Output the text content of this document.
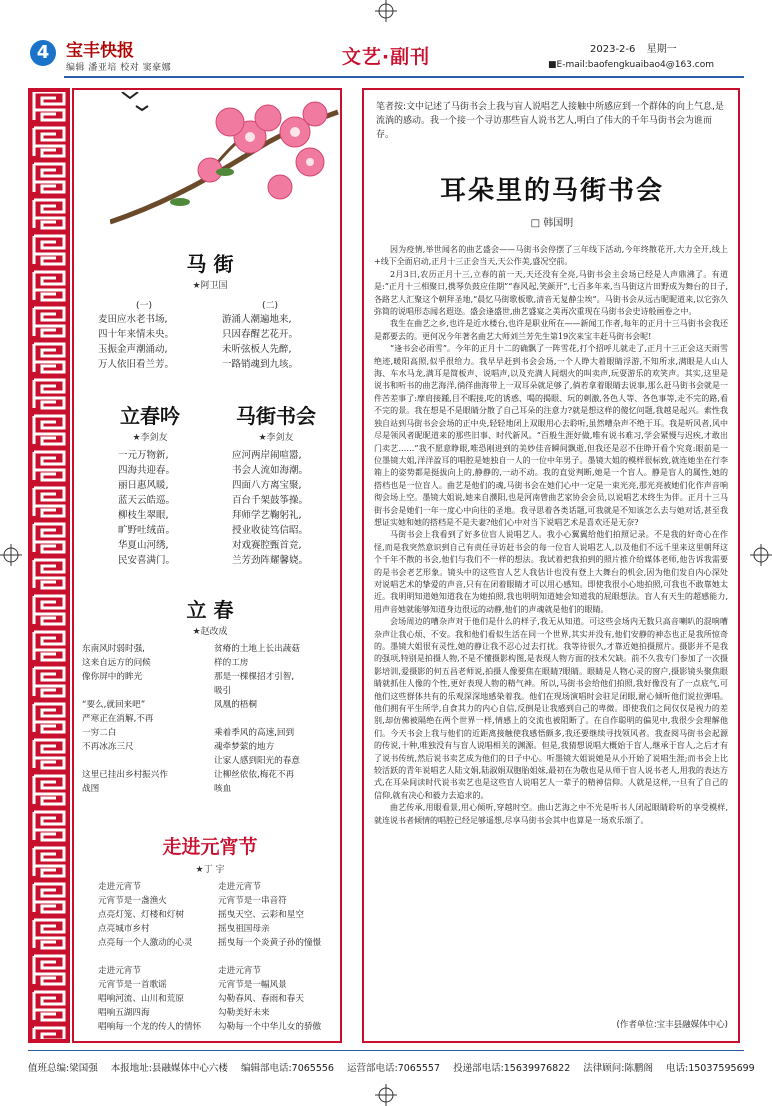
4 宝丰快报
编辑 潘亚培 校对 窦豪娜	文艺·副刊	2023-2-6 星期一
■E-mail:baofengkuaibao4@163.com
马 街
★阿卫国
(一)	(二)
麦田应水老书场,
四十年来情未央。
玉振金声潮涌动,
万人依旧看兰芳。
游涌人潮遍地来,
只因春醒艺花开。
未听弦板人先醉,
一路销魂到九垓。
立春吟
★李剑友
马街书会
★李剑友
一元万物新,
四海共迎春。
丽日惠风暖,
蓝天云皓巡。
柳枝生翠眼,
旷野吐绒苗。
华夏山河绣,
民安喜满门。
应河两岸闹喧嚣,
书会人流如海潮。
四面八方离宝聚,
百台千架鼓筝操。
拜师学艺鞠躬礼,
授业收徒笃信昭。
对戏赛腔甄首竞,
兰芳劲阵耀馨娆。
立 春
★赵改成
东南风时弱时强,
这来自远方的问候
像你屏中的眸光

“要么,就回来吧”
严寒正在消解,不再
一穷二白
不再冰冻三尺

这里已挂出乡村振兴作
战图
贫瘠的土地上长出蔬菇
样的工房
那是一棵棵招才引智,
吸引
凤凰的梧桐

乘着季风的高速,回到
魂牵梦萦的地方
让家人感到阳光的春意
让柳丝依依,梅花不再
咳血
走进元宵节
★丁 宇
走进元宵节
元宵节是一盏渔火
点亮灯笼、灯楼和灯树
点亮城市乡村
点亮每一个人激动的心灵

走进元宵节
元宵节是一首歌谣
唱响河流、山川和荒原
唱响五湖四海
唱响每一个龙的传人的情怀
走进元宵节
元宵节是一串音符
摇曳天空、云彩和星空
摇曳祖国母亲
摇曳每一个炎黄子孙的憧憬

走进元宵节
元宵节是一幅风景
勾勒春风、春雨和春天
勾勒美好未来
勾勒每一个中华儿女的骄傲
笔者按:文中记述了马街书会上我与盲人说唱艺人接触中所感应到一个群体的向上气息,是流淌的感动。我一个接一个寻访那些盲人说书艺人,明白了伟大的千年马街书会为谁而存。
耳朵里的马街书会
□ 韩国明

因为疫情,举世闻名的曲艺盛会——马街书会停摆了三年线下活动,今年终散花开,大力全开,线上+线下全面启动,正月十三正会当天,天公作美,盛况空前。

2月3日,农历正月十三,立春的前一天,天还没有全亮,马街书会主会场已经是人声鼎沸了。有道是:“正月十三相聚日,携琴负鼓应佳期”“春风起,笑颜开”,七百多年来,当马街这片田野成为舞台的日子,各路艺人汇聚这个朝拜圣地,“晨忆马街歌板歌,清音无复静尘埃”。马街书会从远古昵昵道来,以它弥久弥简的说唱形态闻名遐迩。盛会逢盛世,曲艺盛宴之美再次重现在马街书会史诗般画卷之中。

我生在曲艺之乡,也许是近水楼台,也许是职业所在——新闻工作者,每年的正月十三马街书会我还是都要去的。更何况今年著名曲艺大师刘兰芳先生第19次来宝丰赶马街书会呢!

“逢书会必雨雪”。今年的正月十二的确飘了一阵雪花,打个招呼儿就走了,正月十三正会这天雨雪绝迹,暖阳高照,似乎很给力。我早早赶到书会会场,一个人睁大着眼睛浮游,不知所求,满眼是人山人海、车水马龙,满耳是简板声、说唱声,以及充满人间烟火的叫卖声,玩耍游乐的欢笑声。其实,这里是说书和听书的曲艺海洋,徜徉曲海带上一双耳朵就足够了,倘若拿着眼睛去说事,那么赶马街书会就是一件苦差事了:摩肩接踵,目不暇接,吃的诱惑、喝的揭眼、玩的刺激,各色人等、各色事等,走不完的路,看不完的景。我在想是不是眼睛分散了自己耳朵的注意力?就是想这样的傻忆问题,我越是起兴。索性我独自站到马街书会会场的正中央,轻轻地闭上双眼用心去聆听,虽然嘈杂声不绝于耳。我是听风者,风中尽是领风者昵昵道来的那些旧事、时代新风。“百般生涯好做,唯有说书难习,学会紧慢与迟疾,才敢出门卖艺……”我不愿意睁眼,唯恐刚进到的美妙佳音瞬间飘逝,但我还是忍不住睁开看个究竟:眼前是一位墨镜大姐,洋洋盈耳的唱腔是她独自一人的一位中年男子。墨镜大姐的模样很标致,就连她坐在行李箱上的姿势都是挺拔向上的,静静的,一动不动。我的直觉判断,她是一个盲人。静是盲人的属性,她的搭档也是一位盲人。曲艺是他们的魂,马街书会在她们心中一定是一束光亮,那光亮被她们化作声音响彻会场上空。墨镜大姐说,她来自濮阳,也是河南曾曲艺家协会会员,以说唱艺术终生为伴。正月十三马街书会是她们一年一度心中向往的圣地。我寻思着各类话题,可我就是不知该怎么去与她对话,甚至我想证实她和她的搭档是不是夫妻?他们心中对当下说唱艺术是喜欢还是无奈?

马街书会上我看到了好多位盲人说唱艺人。我小心翼翼给他们拍照记录。不是我的好奇心在作怪,而是我突然意识到自己有责任寻访赶书会的每一位盲人说唱艺人,以及他们不远千里来这里朝拜这个千年不散的书会,他们与我们不一样的想法。我试着把我拍到的照片推介给媒体老师,他告诉我需要的是书会老艺形象。镜头中的这些盲人艺人我估计也没有登上大舞台的机会,因为他们发自内心深处对说唱艺术的挚爱的声音,只有在闭着眼睛才可以用心感知。即使我很小心地拍照,可我也不敢靠她太近。我明明知道她知道我在为她拍照,我也明明知道她会知道我的屁眼想法。盲人有天生的超感能力,用声音她就能够知道身边很远的动静,他们的声魂就是他们的眼睛。

会场周边的嘈杂声对于他们是什么的样子,我无从知道。可这些会场内无数只高音喇叭的混响嘈杂声让我心烦、不安。我和他们看似生活在同一个世界,其实并没有,他们安静的神态也正是我所惊奇的。墨镜大姐很有灵性,她的静让我不忍心过去打扰。我等待很久,才靠近她拍摄照片。摄影并不是我的强项,特别是拍摄人物,不是不懂摄影构图,是表现人物方面的技术欠缺。前不久我专门参加了一次摄影培训,爱摄影的何五昌老师说,拍摄人像要焦在眼睛?眼睛。眼睛是人物心灵的窗户,摄影镜头聚焦眼睛就抓住人像的个性,更好表现人物的精气神。所以,马街书会给他们拍照,我好像没有了一点底气,可他们这些群体共有的乐观深深地感染着我。他们在现场演唱时会驻足闭眼,耐心倾听他们说拉弹唱。他们拥有平生所学,自食其力的内心自信,反倒是让我感到自己的卑微。即使我们之间仅仅是视力的差别,却仿佛被隔绝在两个世界一样,情感上的交流也被阻断了。在自作聪明的偏见中,我很少会理解他们。今天书会上我与他们的近距离接触使我感悟颇多,我还要继续寻找领风者。我查阅马街书会起源的传说,十种,唯独没有与盲人说唱相关的渊源。但是,我猜想说唱大概始于盲人,继承于盲人,之后才有了说书传统,然后说书卖艺成为他们的日子中心。听墨镜大姐说她是从小开始了说唱生涯;而书会上比较活跃的青年说唱艺人陆文娟,陆淑娟双胞胎姐妹,最初在为敬也是从师于盲人说书老人,用我的表达方式,在耳朵间读时代说书卖艺也是这些盲人说唱艺人一辈子的精神信仰。人就是这样,一旦有了自己的信仰,就有决心和毅力去追求的。

曲艺传承,用眼看景,用心倾听,穿越时空。曲山艺海之中不光是听书人闭起眼睛聆听的享受模样,就连说书者倾情的唱腔已经足够遥想,尽享马街书会其中也算是一场欢乐颂了。

(作者单位:宝丰县融媒体中心)
值班总编:梁国强 本报地址:县融媒体中心六楼 编辑部电话:7065556 运营部电话:7065557 投递部电话:15639976822 法律顾问:陈鹏阁 电话:15037595699
